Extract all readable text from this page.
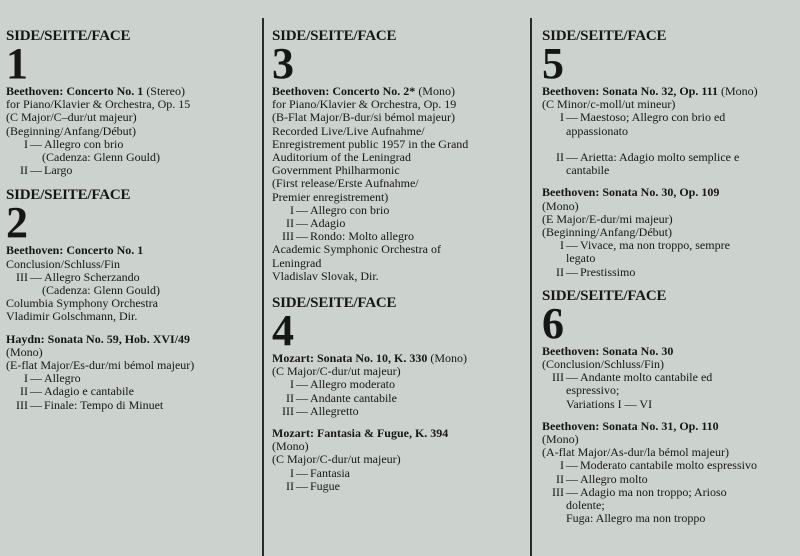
SIDE/SEITE/FACE
1
Beethoven: Concerto No. 1 (Stereo)
for Piano/Klavier & Orchestra, Op. 15
(C Major/C–dur/ut majeur)
(Beginning/Anfang/Début)
I — Allegro con brio
(Cadenza: Glenn Gould)
II — Largo
SIDE/SEITE/FACE
2
Beethoven: Concerto No. 1
Conclusion/Schluss/Fin
III — Allegro Scherzando
(Cadenza: Glenn Gould)
Columbia Symphony Orchestra
Vladimir Golschmann, Dir.
Haydn: Sonata No. 59, Hob. XVI/49
(Mono)
(E-flat Major/Es-dur/mi bémol majeur)
I — Allegro
II — Adagio e cantabile
III — Finale: Tempo di Minuet
SIDE/SEITE/FACE
3
Beethoven: Concerto No. 2* (Mono)
for Piano/Klavier & Orchestra, Op. 19
(B-Flat Major/B-dur/si bémol majeur)
Recorded Live/Live Aufnahme/
Enregistrement public 1957 in the Grand
Auditorium of the Leningrad
Government Philharmonic
(First release/Erste Aufnahme/
Premier enregistrement)
I — Allegro con brio
II — Adagio
III — Rondo: Molto allegro
Academic Symphonic Orchestra of
Leningrad
Vladislav Slovak, Dir.
SIDE/SEITE/FACE
4
Mozart: Sonata No. 10, K. 330 (Mono)
(C Major/C-dur/ut majeur)
I — Allegro moderato
II — Andante cantabile
III — Allegretto
Mozart: Fantasia & Fugue, K. 394
(Mono)
(C Major/C-dur/ut majeur)
I — Fantasia
II — Fugue
SIDE/SEITE/FACE
5
Beethoven: Sonata No. 32, Op. 111 (Mono)
(C Minor/c-moll/ut mineur)
I — Maestoso; Allegro con brio ed
appassionato

II — Arietta: Adagio molto semplice e
cantabile
Beethoven: Sonata No. 30, Op. 109
(Mono)
(E Major/E-dur/mi majeur)
(Beginning/Anfang/Début)
I — Vivace, ma non troppo, sempre
legato
II — Prestissimo
SIDE/SEITE/FACE
6
Beethoven: Sonata No. 30
(Conclusion/Schluss/Fin)
III — Andante molto cantabile ed
espressivo;
Variations I — VI
Beethoven: Sonata No. 31, Op. 110
(Mono)
(A-flat Major/As-dur/la bémol majeur)
I — Moderato cantabile molto espressivo
II — Allegro molto
III — Adagio ma non troppo; Arioso
dolente;
Fuga: Allegro ma non troppo
